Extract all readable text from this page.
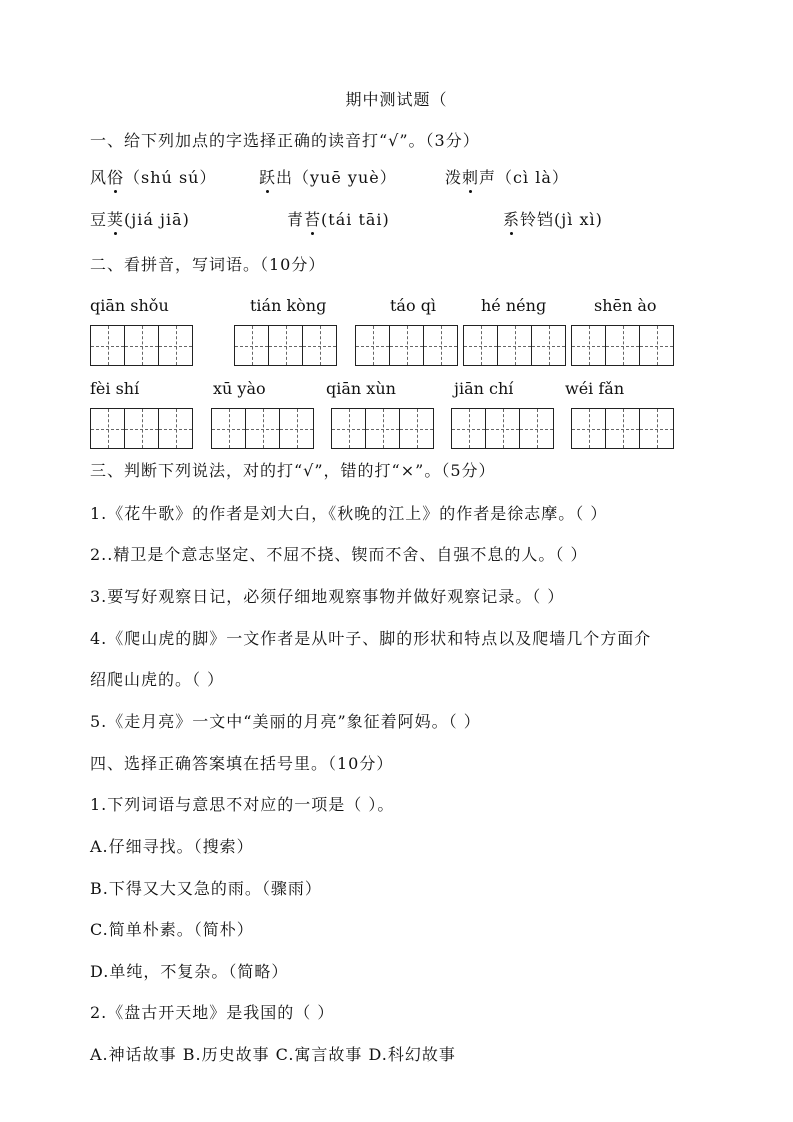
期中测试题（
一、给下列加点的字选择正确的读音打“√”。（3分）
风俗（shú sú）	跃出（yuē yuè）	泼刺声（cì là）
豆荚(jiá jiā)	青苔(tái tāi)	系铃铛(jì xì)
二、看拼音，写词语。（10分）
qiān shǒu	tián kònɡ	táo qì	hé nénɡ	shēn ào
fèi shí	xū yào	qiān xùn	jiān chí	wéi fǎn
三、判断下列说法，对的打“√”，错的打“×”。（5分）
1.《花牛歌》的作者是刘大白，《秋晚的江上》的作者是徐志摩。（ ）
2..精卫是个意志坚定、不屈不挠、锲而不舍、自强不息的人。（ ）
3.要写好观察日记，必须仔细地观察事物并做好观察记录。（ ）
4.《爬山虎的脚》一文作者是从叶子、脚的形状和特点以及爬墙几个方面介
绍爬山虎的。（ ）
5.《走月亮》一文中“美丽的月亮”象征着阿妈。（ ）
四、选择正确答案填在括号里。（10分）
1.下列词语与意思不对应的一项是（ ）。
A.仔细寻找。（搜索）
B.下得又大又急的雨。（骤雨）
C.简单朴素。（简朴）
D.单纯，不复杂。（简略）
2.《盘古开天地》是我国的（ ）
A.神话故事 B.历史故事 C.寓言故事 D.科幻故事
